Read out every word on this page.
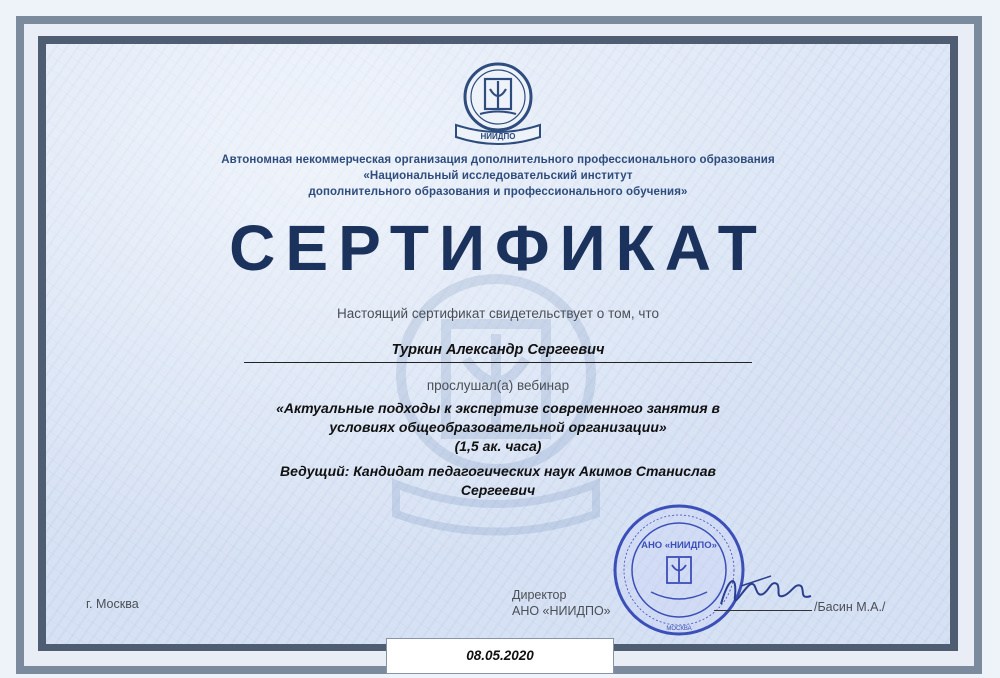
НИИДПО
Автономная некоммерческая организация дополнительного профессионального образования
«Национальный исследовательский институт
дополнительного образования и профессионального обучения»
СЕРТИФИКАТ
Настоящий сертификат свидетельствует о том, что
Туркин Александр Сергеевич
прослушал(а) вебинар
«Актуальные подходы к экспертизе современного занятия в
условиях общеобразовательной организации»
(1,5 ак. часа)
Ведущий: Кандидат педагогических наук Акимов Станислав
Сергеевич
г. Москва
Директор
АНО «НИИДПО»
АНО «НИИДПО»
МОСКВА
/Басин М.А./
08.05.2020
